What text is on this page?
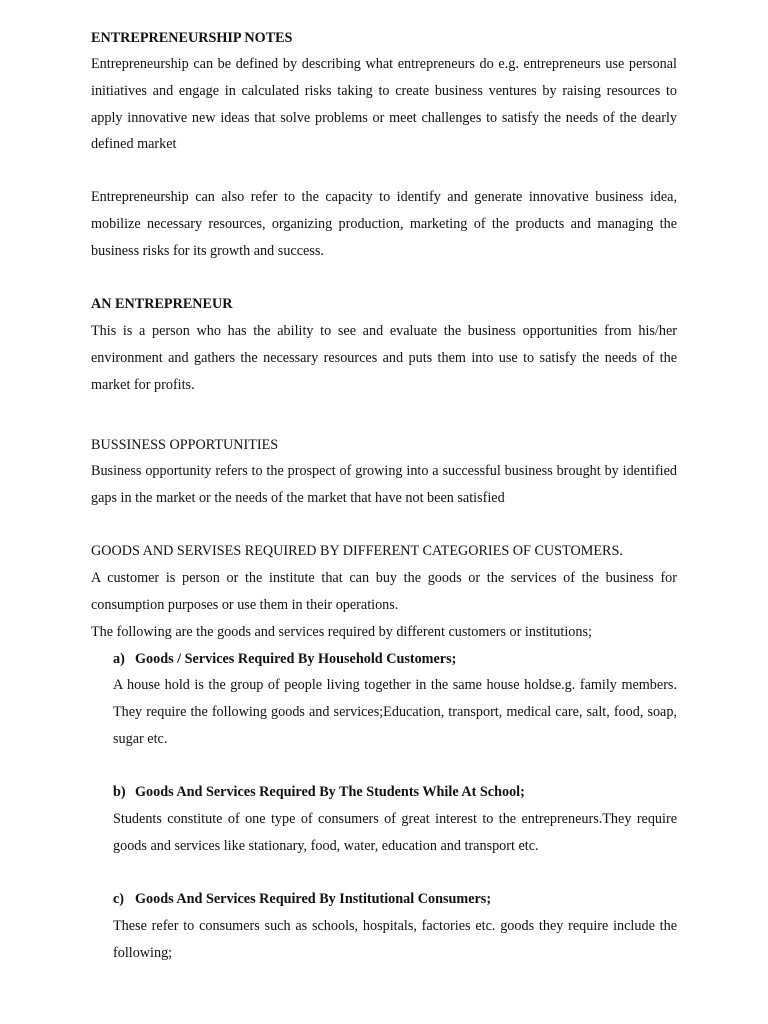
ENTREPRENEURSHIP NOTES

Entrepreneurship can be defined by describing what entrepreneurs do e.g. entrepreneurs use personal initiatives and engage in calculated risks taking to create business ventures by raising resources to apply innovative new ideas that solve problems or meet challenges to satisfy the needs of the dearly defined market

Entrepreneurship can also refer to the capacity to identify and generate innovative business idea, mobilize necessary resources, organizing production, marketing of the products and managing the business risks for its growth and success.

AN ENTREPRENEUR

This is a person who has the ability to see and evaluate the business opportunities from his/her environment and gathers the necessary resources and puts them into use to satisfy the needs of the market for profits.

BUSSINESS OPPORTUNITIES

Business opportunity refers to the prospect of growing into a successful business brought by identified gaps in the market or the needs of the market that have not been satisfied

GOODS AND SERVISES REQUIRED BY DIFFERENT CATEGORIES OF CUSTOMERS.

A customer is person or the institute that can buy the goods or the services of the business for consumption purposes or use them in their operations.

The following are the goods and services required by different customers or institutions;

a) Goods / Services Required By Household Customers;

A house hold is the group of people living together in the same house holdse.g. family members. They require the following goods and services;Education, transport, medical care, salt, food, soap, sugar etc.

b) Goods And Services Required By The Students While At School;

Students constitute of one type of consumers of great interest to the entrepreneurs.They require goods and services like stationary, food, water, education and transport etc.

c) Goods And Services Required By Institutional Consumers;

These refer to consumers such as schools, hospitals, factories etc. goods they require include the following;
